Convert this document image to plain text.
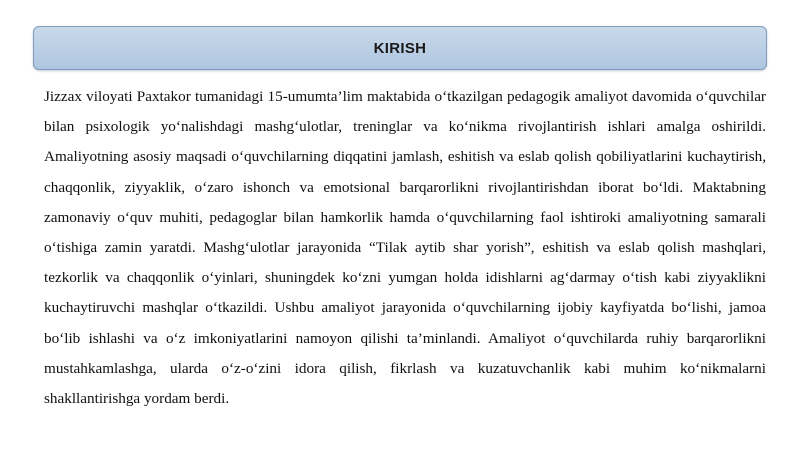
KIRISH

Jizzax viloyati Paxtakor tumanidagi 15-umumta’lim maktabida oʻtkazilgan pedagogik amaliyot davomida oʻquvchilar bilan psixologik yoʻnalishdagi mashgʻulotlar, treninglar va koʻnikma rivojlantirish ishlari amalga oshirildi. Amaliyotning asosiy maqsadi oʻquvchilarning diqqatini jamlash, eshitish va eslab qolish qobiliyatlarini kuchaytirish, chaqqonlik, ziyyaklik, oʻzaro ishonch va emotsional barqarorlikni rivojlantirishdan iborat boʻldi. Maktabning zamonaviy oʻquv muhiti, pedagoglar bilan hamkorlik hamda oʻquvchilarning faol ishtiroki amaliyotning samarali oʻtishiga zamin yaratdi. Mashgʻulotlar jarayonida “Tilak aytib shar yorish”, eshitish va eslab qolish mashqlari, tezkorlik va chaqqonlik oʻyinlari, shuningdek koʻzni yumgan holda idishlarni agʻdarmay oʻtish kabi ziyyaklikni kuchaytiruvchi mashqlar oʻtkazildi. Ushbu amaliyot jarayonida oʻquvchilarning ijobiy kayfiyatda boʻlishi, jamoa boʻlib ishlashi va oʻz imkoniyatlarini namoyon qilishi ta’minlandi. Amaliyot oʻquvchilarda ruhiy barqarorlikni mustahkamlashga, ularda oʻz-oʻzini idora qilish, fikrlash va kuzatuvchanlik kabi muhim koʻnikmalarni shakllantirishga yordam berdi.
